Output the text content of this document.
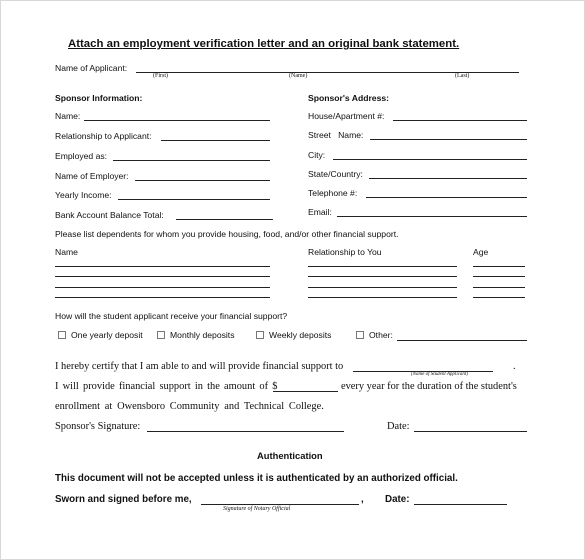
Attach an employment verification letter and an original bank statement.
Name of Applicant:
(First)	(Name)	(Last)
Sponsor Information:	Sponsor's Address:
Name:
Relationship to Applicant:
Employed as:
Name of Employer:
Yearly Income:
Bank Account Balance Total:
House/Apartment #:
Street   Name:
City:
State/Country:
Telephone #:
Email:
Please list dependents for whom you provide housing, food, and/or other financial support.
Name	Relationship to You	Age
How will the student applicant receive your financial support?
One yearly deposit	Monthly deposits	Weekly deposits	Other:
I hereby certify that I am able to and will provide financial support to	.
(Name of Student Applicant)
I will provide financial support in the amount of $	every year for the duration of the student's
enrollment at Owensboro Community and Technical College.
Sponsor's Signature:	Date:
Authentication
This document will not be accepted unless it is authenticated by an authorized official.
Sworn and signed before me,	, Date:
Signature of Notary Official
